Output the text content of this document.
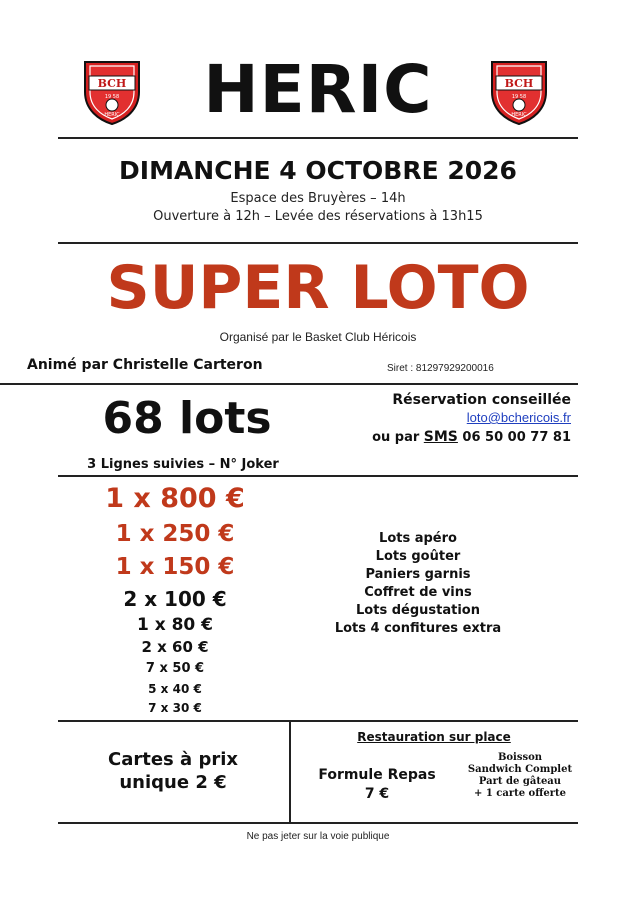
BCH
HERIC
19 58
BCH
HERIC
19 58
HERIC
DIMANCHE 4 OCTOBRE 2026
Espace des Bruyères – 14h
Ouverture à 12h – Levée des réservations à 13h15
SUPER LOTO
Organisé par le Basket Club Héricois
Animé par Christelle Carteron	Siret : 81297929200016
68 lots
3 Lignes suivies – N° Joker
Réservation conseillée
loto@bchericois.fr
ou par SMS 06 50 00 77 81
1 x 800 €
1 x 250 €
1 x 150 €
2 x 100 €
1 x 80 €
2 x 60 €
7 x 50 €
5 x 40 €
7 x 30 €
Lots apéro
Lots goûter
Paniers garnis
Coffret de vins
Lots dégustation
Lots 4 confitures extra
Cartes à prix
unique 2 €
Restauration sur place
Formule Repas
7 €
Boisson
Sandwich Complet
Part de gâteau
+ 1 carte offerte
Ne pas jeter sur la voie publique
